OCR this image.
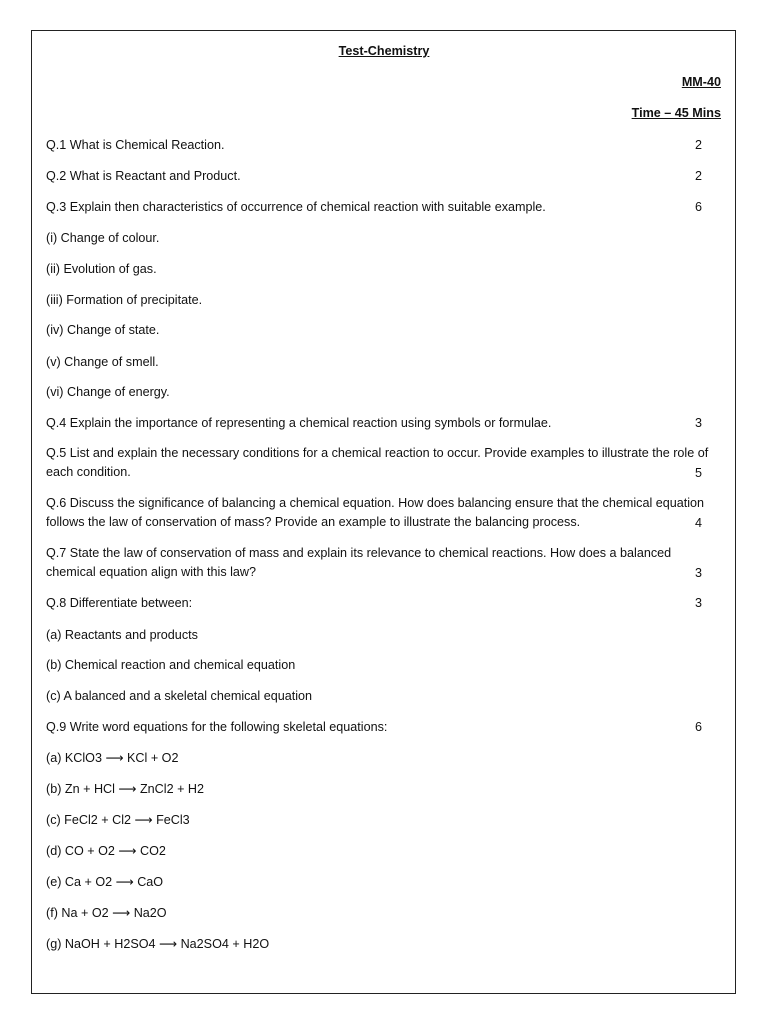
Test-Chemistry
MM-40
Time – 45 Mins
Q.1 What is Chemical Reaction.	2
Q.2 What is Reactant and Product.	2
Q.3 Explain then characteristics of occurrence of chemical reaction with suitable example.	6
(i) Change of colour.
(ii) Evolution of gas.
(iii) Formation of precipitate.
(iv) Change of state.
(v) Change of smell.
(vi) Change of energy.
Q.4 Explain the importance of representing a chemical reaction using symbols or formulae.	3
Q.5 List and explain the necessary conditions for a chemical reaction to occur. Provide examples to illustrate the role of each condition.	5
Q.6 Discuss the significance of balancing a chemical equation. How does balancing ensure that the chemical equation follows the law of conservation of mass? Provide an example to illustrate the balancing process.	4
Q.7 State the law of conservation of mass and explain its relevance to chemical reactions. How does a balanced chemical equation align with this law?	3
Q.8 Differentiate between:	3
(a) Reactants and products
(b) Chemical reaction and chemical equation
(c) A balanced and a skeletal chemical equation
Q.9 Write word equations for the following skeletal equations:	6
(a) KClO3 ⟶ KCl + O2
(b) Zn + HCl ⟶ ZnCl2 + H2
(c) FeCl2 + Cl2 ⟶ FeCl3
(d) CO + O2 ⟶ CO2
(e) Ca + O2 ⟶ CaO
(f) Na + O2 ⟶ Na2O
(g) NaOH + H2SO4 ⟶ Na2SO4 + H2O
